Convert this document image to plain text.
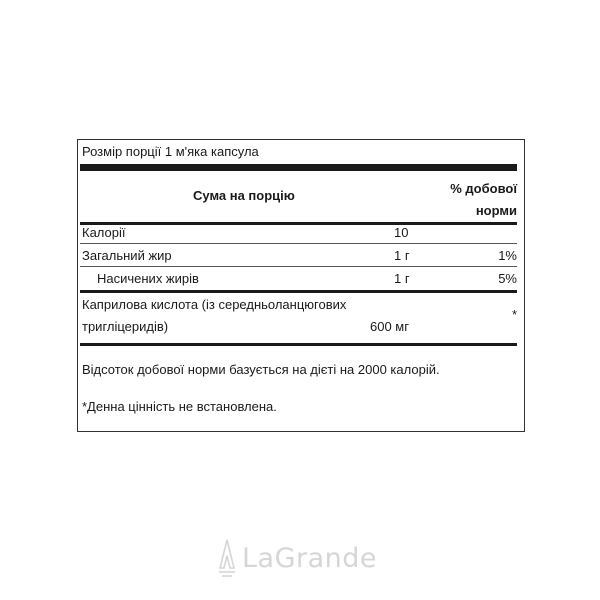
Розмір порції 1 м'яка капсула
Сума на порцію	% добової
норми
Калорії	10
Загальний жир	1 г	1%
Насичених жирів	1 г	5%
Каприлова кислота (із середньоланцюгових
тригліцеридів)	600 мг
*
Відсоток добової норми базується на дієті на 2000 калорій.
*Денна цінність не встановлена.
LaGrande
